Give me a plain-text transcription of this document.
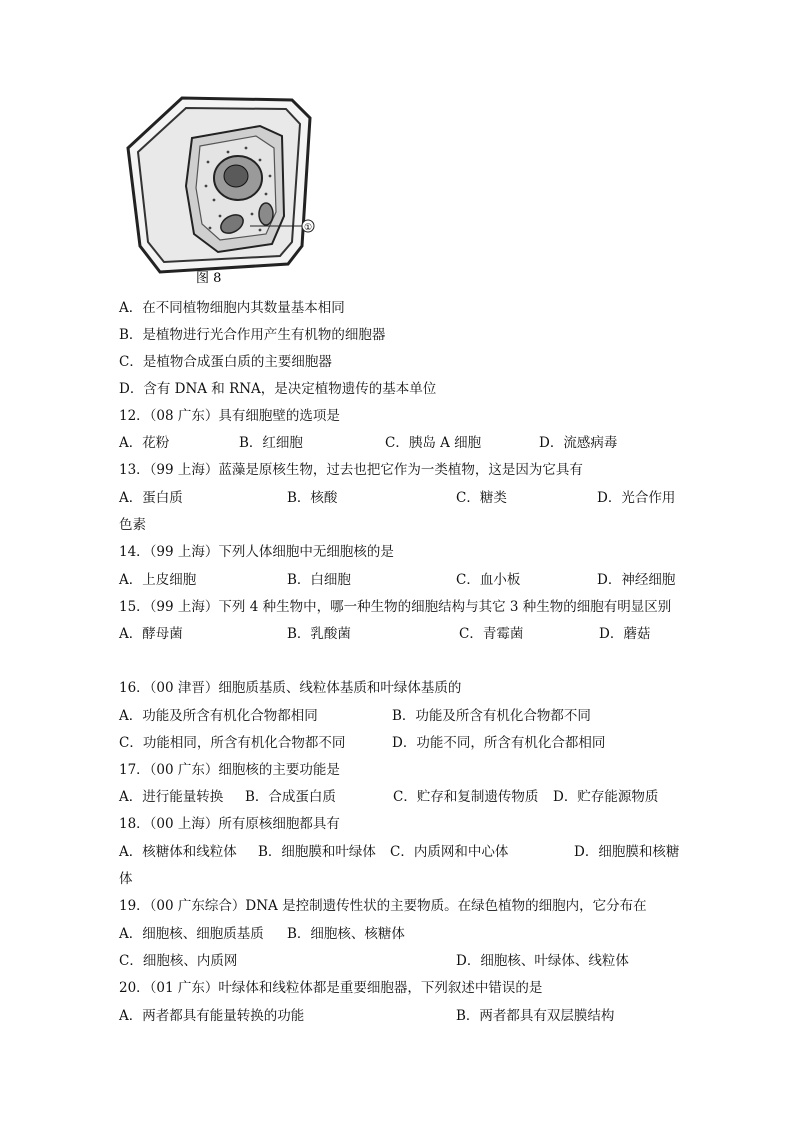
①
图 8
A．在不同植物细胞内其数量基本相同
B．是植物进行光合作用产生有机物的细胞器
C．是植物合成蛋白质的主要细胞器
D．含有 DNA 和 RNA，是决定植物遗传的基本单位
12．（08 广东）具有细胞壁的选项是
A．花粉	B．红细胞	C．胰岛 A 细胞	D．流感病毒
13．（99 上海）蓝藻是原核生物，过去也把它作为一类植物，这是因为它具有
A．蛋白质	B．核酸	C．糖类	D．光合作用
色素
14．（99 上海）下列人体细胞中无细胞核的是
A．上皮细胞	B．白细胞	C．血小板	D．神经细胞
15．（99 上海）下列 4 种生物中，哪一种生物的细胞结构与其它 3 种生物的细胞有明显区别
A．酵母菌	B．乳酸菌	C．青霉菌	D．蘑菇
16．（00 津晋）细胞质基质、线粒体基质和叶绿体基质的
A．功能及所含有机化合物都相同	B．功能及所含有机化合物都不同
C．功能相同，所含有机化合物都不同	D．功能不同，所含有机化合都相同
17．（00 广东）细胞核的主要功能是
A．进行能量转换 B．合成蛋白质	C．贮存和复制遗传物质 D．贮存能源物质
18．（00 上海）所有原核细胞都具有
A．核糖体和线粒体 B．细胞膜和叶绿体 C．内质网和中心体	D．细胞膜和核糖
体
19．（00 广东综合）DNA 是控制遗传性状的主要物质。在绿色植物的细胞内，它分布在
A．细胞核、细胞质基质 B．细胞核、核糖体
C．细胞核、内质网	D．细胞核、叶绿体、线粒体
20．（01 广东）叶绿体和线粒体都是重要细胞器，下列叙述中错误的是
A．两者都具有能量转换的功能	B．两者都具有双层膜结构
